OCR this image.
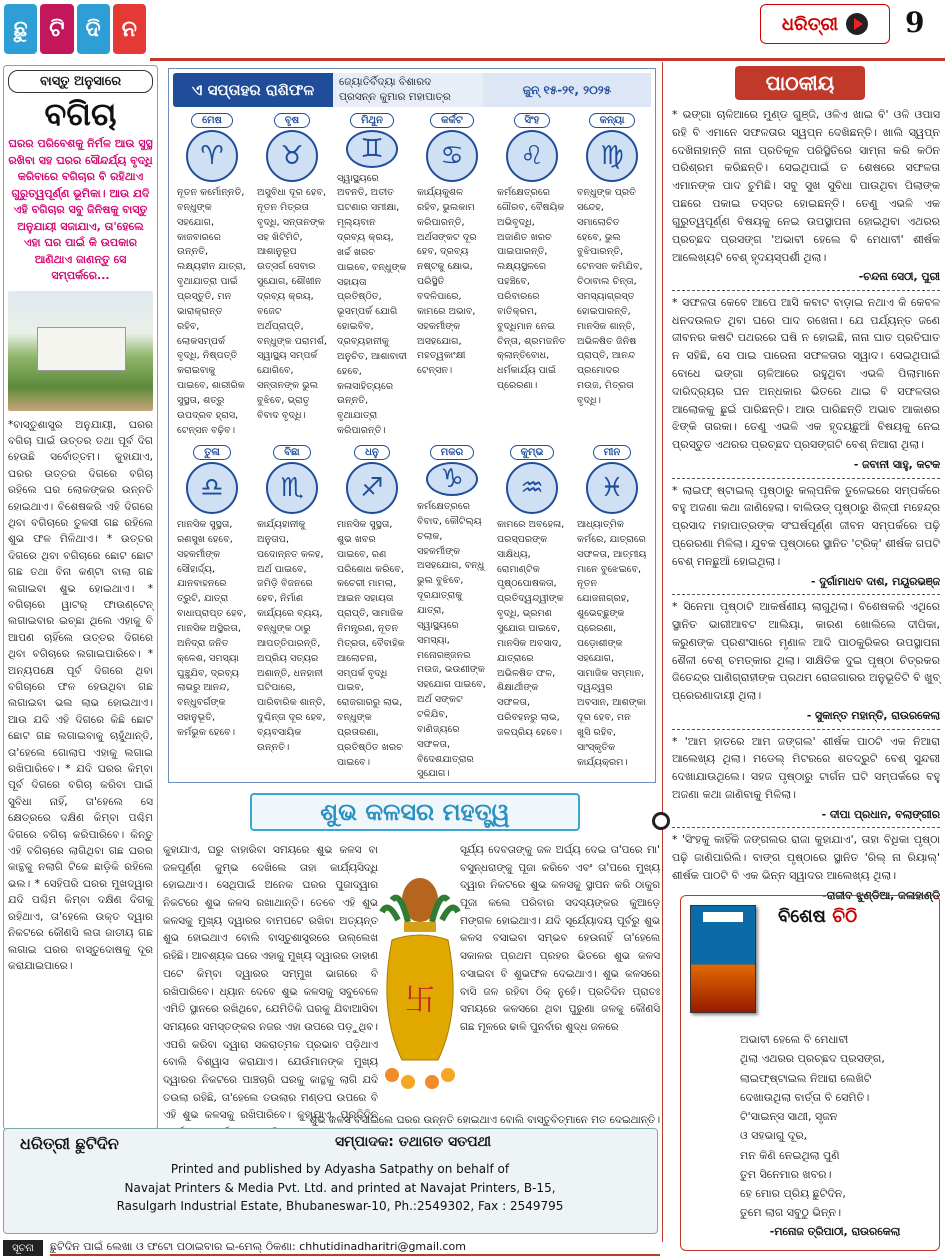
ଛୁ ଟି ଦି ନ	ଧରିତ୍ରୀ 9
ବାସ୍ତୁ ଅନୁସାରେ
ବଗିଚା
ଘରର ପରିବେଶକୁ ନିର୍ମଳ ଆଉ ସୁସ୍ଥ ରଖିବା ସହ ଘରର ସୌନ୍ଦର୍ଯ୍ୟ ବୃଦ୍ଧି କରିବାରେ ବଗିଚାର ବି ରହିଥାଏ ଗୁରୁତ୍ୱପୂର୍ଣ୍ଣ ଭୂମିକା। ଆଉ ଯଦି ଏହି ବଗିଚାର ସବୁ ଜିନିଷକୁ ବାସ୍ତୁ ଅନୁଯାୟୀ ସଜାଯାଏ, ତା'ହେଲେ ଏହା ଘର ପାଇଁ କି ଉପକାର ଆଣିଥାଏ ଜାଣନ୍ତୁ ସେ ସମ୍ପର୍କରେ...
*ବାସ୍ତୁଶାସ୍ତ୍ର ଅନୁଯାୟୀ, ଘରର ବଗିଚା ପାଇଁ ଉତ୍ତର ତଥା ପୂର୍ବ ଦିଗ ହେଉଛି ସର୍ବୋତ୍ତମ। କୁହାଯାଏ, ଘରର ଉତ୍ତର ଦିଗରେ ବଗିଚା ରହିଲେ ଘର ଲୋକଙ୍କର ଉନ୍ନତି ହୋଇଥାଏ। ବିଶେଷକରି ଏହି ଦିଗରେ ଥିବା ବଗିଚାରେ ତୁଳସୀ ଗଛ ରହିଲେ ଶୁଭ ଫଳ ମିଳିଥାଏ। * ଉତ୍ତର ଦିଗରେ ଥିବା ବଗିଚାରେ ଛୋଟ ଛୋଟ ଗଛ ତଥା ବିନା କଣ୍ଟା ବାଲା ଗଛ ଲଗାଇବା ଶୁଭ ହୋଇଥାଏ। * ବଗିଚାରେ ୱାଟର୍ ଫାଉଣ୍ଟେନ୍ ଲଗାଇବାର ଇଚ୍ଛା ଥିଲେ ଏହାକୁ ବି ଆପଣ ଚାହିଁଲେ ଉତ୍ତର ଦିଗରେ ଥିବା ବଗିଚାରେ ଲଗାଇପାରିବେ। * ଅନ୍ୟପକ୍ଷେ ପୂର୍ବ ଦିଗରେ ଥିବା ବଗିଚାରେ ଫଳ ହେଉଥିବା ଗଛ ଲଗାଇବା ଭଲ ଲାଭ ହୋଇଥାଏ। ଆଉ ଯଦି ଏହି ଦିଗରେ କିଛି ଛୋଟ ଛୋଟ ଗଛ ଲଗାଇବାକୁ ଚାହୁଁଥାନ୍ତି, ତା'ହେଲେ ଗୋଲାପ ଏହାକୁ ଲଗାଇ ରଖିପାରିବେ। * ଯଦି ଘରର କିମ୍ବା ପୂର୍ବ ଦିଗରେ ବଗିଚା କରିବା ପାଇଁ ସୁବିଧା ନାହିଁ, ତା'ହେଲେ ସେ କ୍ଷେତ୍ରରେ ଦକ୍ଷିଣ କିମ୍ବା ପଶ୍ଚିମ ଦିଗରେ ବଗିଚା କରିପାରିବେ। କିନ୍ତୁ ଏହି ବଗିଚାରେ ଲାଗିଥିବା ଗଛ ଘରର କାନ୍ଥକୁ ନଲାଗି ଟିକେ ଛାଡ଼ିକି ରହିଲେ ଭଲ। * ସେହିପରି ଘରର ମୁଖଦ୍ୱାର ଯଦି ପଶ୍ଚିମ କିମ୍ବା ଦକ୍ଷିଣ ଦିଗକୁ ରହିଥାଏ, ତା'ହେଲେ ଉକ୍ତ ଦ୍ୱାର ନିକଟରେ କୌଣସି ଲତା ଜାତୀୟ ଗଛ ଲଗାଇ ଘରର ବାସ୍ତୁଦୋଷକୁ ଦୂର କରାଯାଇପାରେ।
ଏ ସପ୍ତାହର ରାଶିଫଳ	ଜ୍ୟୋତିର୍ବିଦ୍ୟା ବିଶାରଦ
ପ୍ରସନ୍ନ କୁମାର ମହାପାତ୍ର
ଜୁନ୍ ୧୫-୨୧, ୨୦୨୫
ମେଷ
♈
ନୂତନ କର୍ମୋନ୍ନତି, ବନ୍ଧୁଙ୍କ ସହଯୋଗ, କାଜବାରରେ ଉନ୍ନତି, ଲକ୍ଷ୍ୟହୀନ ଯାତ୍ରା, ବୃଥାଯାତ୍ରା ପାଇଁ ପ୍ରସ୍ତୁତି, ମନ ଭାରାକ୍ରାନ୍ତ ରହିବ, ଲୋକସମ୍ପର୍କ ବୃଦ୍ଧି, ନିଷ୍ପତ୍ତି କରାଇବାକୁ ପାଇବେ, ଶାରୀରିକ ସୁସ୍ଥତା, ଶତ୍ରୁ ଉପଦ୍ରବ ହ୍ରାସ, ଟେନ୍ସନ ବଢ଼ିବ।
ବୃଷ
♉
ଅସୁବିଧା ଦୂର ହେବ, ନୂତନ ମିତ୍ରତା ବୃଦ୍ଧି, ସନ୍ତାନଙ୍କ ସହ ଖିଟିମିଟି, ଆଶାନୁରୂପ ଉତ୍ସର୍ଗ ସେବାର ସୁଯୋଗ, ଶୌଖୀନ ଦ୍ରବ୍ୟ କ୍ରୟ, ବଜେଟ ଅର୍ଥପ୍ରାପ୍ତି, ବନ୍ଧୁଙ୍କ ପରାମର୍ଶ, ସ୍ୱାସ୍ଥ୍ୟ ସମ୍ପର୍କ ଯୋଗିବେ, ସନ୍ତାନଙ୍କ ଭୁଲ ବୁଝିବେ, ଭ୍ରାତୃ ବିବାଦ ବୃଦ୍ଧି।
ମିଥୁନ
♊
ସ୍ୱାସ୍ଥ୍ୟରେ ଅବନତି, ଅତୀତ ଘଟଣାର ସମୀକ୍ଷା, ମୂଲ୍ୟବାନ ଦ୍ରବ୍ୟ କ୍ରୟ, ଖର୍ଚ୍ଚ ଖରଚ ପାଇବେ, ବନ୍ଧୁଙ୍କ ସହାୟତା ପ୍ରତିଷ୍ଠିତ, ଭୂସମ୍ପର୍କ ଯୋଗି ହୋଇବିବ, ଦ୍ରବ୍ୟହାନୀକୁ ଅନୁଚିତ, ଆଶାବାଦୀ ହେବେ, କଳାସାହିତ୍ୟରେ ଉନ୍ନତି, ବୃଥାଯାତ୍ରା କରିପାରନ୍ତି।
କର୍କଟ
♋
କାର୍ଯ୍ୟକୁଶଳ ରହିବ, ଭୁଲକାମ କରିପାରନ୍ତି, ଅର୍ଥସଙ୍କଟ ଦୂର ହେବ, ଦ୍ରବ୍ୟ ନଷ୍ଟକୁ କ୍ଷୋଭ, ପରିସ୍ଥିତି ବଦଳିପାରେ, କାମରେ ଅଭାବ, ସହକର୍ମୀଙ୍କ ଅସହଯୋଗ, ମହତ୍ୱକାଂକ୍ଷୀ ଟେନ୍ସନ।
ସିଂହ
♌
କର୍ମକ୍ଷେତ୍ରରେ ଗୌରବ, ବୈଷୟିକ ଅଭିବୃଦ୍ଧି, ଅଜାଣିତ ଖରଚ ପାଇପାରନ୍ତି, ଲକ୍ଷ୍ୟସ୍ଥଳରେ ପହଞ୍ଚିବେ, ପରିବାରରେ ବାତିକ୍ରମ, ବୁଦ୍ଧିମାନ ନେଇ ଚିନ୍ତା, ଶ୍ରମଜନିତ କ୍ଲାନ୍ତିବୋଧ, ଧର୍ମକାର୍ଯ୍ୟ ପାଇଁ ପ୍ରେରଣା।
କନ୍ୟା
♍
ବନ୍ଧୁଙ୍କ ପ୍ରତି ସନ୍ଦେହ, ସମାଲୋଚିତ ହେବେ, ଭୁଲ ବୁଝିପାରନ୍ତି, ଟେନସନ କମିଯିବ, ଚିଠାବାଲ ଚିନ୍ତା, ସମସ୍ୟାଗ୍ରସ୍ତ ହୋଇପାରନ୍ତି, ମାନସିକ ଶାନ୍ତି, ଅଭିଳଷିତ ଜିନିଷ ପ୍ରାପ୍ତି, ଆନନ୍ଦ ପ୍ରମୋଦର ମଉଜ, ମିତ୍ରତା ବୃଦ୍ଧି।
ତୁଳା
♎
ମାନସିକ ସୁସ୍ଥତା, ରଣସୁଖ ହେବେ, ସହକର୍ମୀଙ୍କ ସୌହାର୍ଦ୍ଦ୍ୟ, ଯାନବାହନରେ ତ୍ରୁଟି, ଯାତ୍ରା ବାଧାପ୍ରାପ୍ତ ହେବ, ମାନସିକ ଅସ୍ଥିରତା, ଅନିଦ୍ରା ଜନିତ କ୍ଳେଶ, ସମସ୍ୟା ଘୁଞ୍ଚୁଯିବ, ଦ୍ରବ୍ୟ ଲାଭରୁ ଆନନ୍ଦ, ବନ୍ଧୁବର୍ଗଙ୍କ ସହାନୁଭୂତି, କର୍ମଭୁକ ହେବେ।
ବିଛା
♏
କାର୍ଯ୍ୟହାନୀକୁ ଅନୁତାପ, ପଦୋନ୍ନତ କଳହ, ଅର୍ଥ ପାଇବେ, ଜମିଡ଼ି ବିଜନରେ ହେବ, ନିର୍ମାଣ କାର୍ଯ୍ୟରେ ବ୍ୟୟ, ବନ୍ଧୁଙ୍କ ଠାରୁ ଆପତ୍ତିପାରନ୍ତି, ଅପ୍ରିୟ ସତ୍ୟର ଅଶାନ୍ତି, ଧନହାନୀ ଘଟିପାରେ, ପାରିବାରିକ ଶାନ୍ତି, ଦୁଶ୍ଚିନ୍ତା ଦୂର ହେବ, ବ୍ୟବସାୟିକ ଉନ୍ନତି।
ଧନୁ
♐
ମାନସିକ ସୁସ୍ଥତା, ଶୁଭ ଖବର ପାଇବେ, ରଣ ପରିଶୋଧ କରିବେ, କଚେରୀ ମାମଲା, ଆଇନ ସହାୟତା ପ୍ରାପ୍ତି, ସାମାଜିକ ନିମନ୍ତ୍ରଣ, ନୂତନ ମିତ୍ରତା, ବୈବାହିକ ଆଲୋଚନା, ସମ୍ପର୍କ ବୃଦ୍ଧି ପାଇବ, ରୋଜଗାରରୁ ଲାଭ, ବନ୍ଧୁଙ୍କ ପ୍ରତାରଣା, ପ୍ରତିଷ୍ଠିତ ଖରଚ ପାଇବେ।
ମକର
♑
କର୍ମକ୍ଷେତ୍ରରେ ବିବାଦ, କୌଟିଲ୍ୟ ଚଲାକ, ସହକର୍ମୀଙ୍କ ଅସହଯୋଗ, ବନ୍ଧୁ ଭୁଲ ବୁଝିବେ, ଦୂରଯାତ୍ରାକୁ ଯାତ୍ରା, ସ୍ୱାସ୍ଥ୍ୟରେ ସମସ୍ୟା, ମନୋରଞ୍ଜନର ମଉଜ, ଭଉଣୀଙ୍କ ସହଯୋଗ ପାଇବେ, ଅର୍ଥ ସଙ୍କଟ ଟଳିଯିବ, ବାଣିଜ୍ୟରେ ସଫଳତା, ବିଦେଶଯାତ୍ରାର ସୁଯୋଗ।
କୁମ୍ଭ
♒
କାମରେ ଅବହେଳା, ପରସ୍ପରଙ୍କ ସାକ୍ଷିଧ୍ୟ, ରୋମାଣ୍ଟିକ ପୃଷ୍ଠପୋଷକତା, ପ୍ରତିଦ୍ୱନ୍ଦ୍ୱୀଙ୍କ ବୃଦ୍ଧି, ଭ୍ରମଣ ସୁଯୋଗ ପାଇବେ, ମାନସିକ ଅବସାଦ, ଯାତ୍ରାରେ ଅଭିଳଷିତ ଫଳ, ଶିକ୍ଷାର୍ଥୀଙ୍କ ସଫଳତା, ପରିବହନରୁ ଲାଭ, ଜଳପ୍ରିୟ ହେବେ।
ମୀନ
♓
ଆଧ୍ୟାତ୍ମିକ କର୍ମରେ, ଯାତ୍ରାରେ ସଫଳତା, ଆତ୍ମୀୟ ମାନେ ବୁଝେଇବେ, ନୂତନ ଯୋଜନାଗ୍ରହ, ଶୁଭେଚ୍ଛୁଙ୍କ ପ୍ରେରଣା, ପଡ଼ୋଶୀଙ୍କ ସହଯୋଗ, ସାମାଜିକ ସମ୍ମାନ, ଦ୍ୱନ୍ଦ୍ୱର ଅବସାନ, ଆଶଙ୍କା ଦୂର ହେବ, ମନ ଖୁସି ରହିବ, ସାଂସ୍କୃତିକ କାର୍ଯ୍ୟକ୍ରମ।
ଶୁଭ କଳସର ମହତ୍ତ୍ୱ
କୁହାଯାଏ, ଘରୁ ବାହାରିବା ସମୟରେ ଶୁଭ କଳସ ବା ଜଳପୂର୍ଣ୍ଣ କୁମ୍ଭ ଦେଖିଲେ ତାହା କାର୍ଯ୍ୟସିଦ୍ଧି ହୋଇଥାଏ। ସେଥିପାଇଁ ଅନେକ ଘରର ପୁଜାଦ୍ୱାର ନିକଟରେ ଶୁଭ କଳସ ରଖାଥାନ୍ତି। ତେବେ ଏହି ଶୁଭ କଳସକୁ ମୁଖ୍ୟ ଦ୍ୱାରର ବାମପଟେ ରଖିବା ଅତ୍ୟନ୍ତ ଶୁଭ ହୋଇଥାଏ ବୋଲି ବାସ୍ତୁଶାସ୍ତ୍ରରେ ଉଲ୍ଲେଖ ରହିଛି। ଆବଶ୍ୟକ ଘରେ ଏହାକୁ ମୁଖ୍ୟ ଦ୍ୱାରର ଡାହାଣ ପଟେ କିମ୍ବା ଦ୍ୱାରର ସମ୍ମୁଖ ଭାଗରେ ବି ରଖିପାରିବେ। ଧ୍ୟାନ ଦେବେ ଶୁଭ କଳସକୁ ସବୁବେଳେ ଏମିତି ସ୍ଥାନରେ ରଖିଥିବେ, ଯେମିତିକି ଘରକୁ ଯିବାଆସିବା ସମୟରେ ସମସ୍ତଙ୍କର ନଜର ଏହା ଉପରେ ପଡ଼ୁଥିବ। ଏପରି କରିବା ଦ୍ୱାରା ସକରାତ୍ମକ ପ୍ରଭାବ ପଡ଼ିଥାଏ ବୋଲି ବିଶ୍ୱାସ କରାଯାଏ। ଯେଉଁମାନଙ୍କ ମୁଖ୍ୟ ଦ୍ୱାରର ନିକଟରେ ପାଞ୍ଚଚାରି ଘରକୁ କାନ୍ଥକୁ ଲାଗି ଯଦି ତଉଲା ରହିଛି, ତା'ହେଲେ ତଉଲାର ମଣ୍ଡପ ଉପରେ ବି ଏହି ଶୁଭ କଳସକୁ ରଖିପାରିବେ। କୁହାଯାଏ, ପ୍ରତିଦିନ
卐
ସୂର୍ଯ୍ୟ ଦେବତାଙ୍କୁ ଜଳ ଅର୍ଘ୍ୟ ଦେଇ ତା'ପରେ ମା' ବସୁନ୍ଧରାଙ୍କୁ ପୂଜା କରିବେ ଏବଂ ତା'ପରେ ମୁଖ୍ୟ ଦ୍ୱାର ନିକଟରେ ଶୁଭ କଳସକୁ ସ୍ଥାପନ କରି ଠାକୁର ପୂଜା କଲେ ପରିବାର ସଦସ୍ୟଙ୍କର କୁଆଡ଼େ ମଙ୍ଗଳ ହୋଇଥାଏ। ଯଦି ସୂର୍ଯ୍ୟୋଦୟ ପୂର୍ବରୁ ଶୁଭ କଳସ ବସାଇବା ସମ୍ଭବ ହେଉନାହିଁ ତା'ହେଲେ ସକାଳର ପ୍ରଥମ ପ୍ରହର ଭିତରେ ଶୁଭ କଳସ ବସାଇବା ବି ଶୁଭଫଳ ଦେଇଥାଏ। ଶୁଭ କଳସରେ ବାସି ଜଳ ରହିବା ଠିକ୍ ନୁହେଁ। ପ୍ରତିଦିନ ପ୍ରାତଃ ସମୟରେ କଳସରେ ଥିବା ପୁରୁଣା ଜଳକୁ କୌଣସି ଗଛ ମୂଳରେ ଢାଳି ପୁନର୍ବାର ଶୁଦ୍ଧ ଜଳରେ
ଶୁଭ କଳସ ବସାଇଲେ ଘରର ଉନ୍ନତି ହୋଇଥାଏ ବୋଲି ବାସ୍ତୁବିତ୍‌ମାନେ ମତ ଦେଇଥାନ୍ତି।
ପାଠକୀୟ

* ଭଙ୍ଗା ଚାଳିଆରେ ମୁଣ୍ଡ ଗୁଞ୍ଜି, ଓଳିଏ ଖାଇ ବି' ଓଳି ଓପାସ ରହି ବି ଏମାନେ ସଫଳତାର ସ୍ୱପ୍ନ ଦେଖିଛନ୍ତି। ଖାଲି ସ୍ୱପ୍ନ ଦେଖିନାହାନ୍ତି ନାନା ପ୍ରତିକୂଳ ପରିସ୍ଥିତିରେ ସାମ୍ନା କରି କଠିନ ପରିଶ୍ରମ କରିଛନ୍ତି। ସେଇଥିପାଇଁ ତ ଶେଷରେ ସଫଳତା ଏମାନଙ୍କ ପାଦ ଚୁମିଛି। ସବୁ ସୁଖ ସୁବିଧା ପାଉଥିବା ପିଲାଙ୍କ ପଛରେ ପକାଇ ତସ୍ତର ହୋଇଛନ୍ତି। ତେଣୁ ଏଭଳି ଏକ ଗୁରୁତ୍ୱପୂର୍ଣ୍ଣ ବିଷୟକୁ ନେଇ ଉପସ୍ଥାପନା ହୋଇଥିବା ଏଥରର ପ୍ରଚ୍ଛଦ ପ୍ରସଙ୍ଗ 'ଅଭାବୀ ହେଲେ ବି ମେଧାବୀ' ଶୀର୍ଷକ ଆଲେଖ୍ୟଟି ବେଶ୍ ହୃଦୟସ୍ପର୍ଶୀ ଥିଲା।

-ଚନ୍ଦନା ସେଠୀ, ପୁରୀ

* ସଫଳତା କେବେ ଆପେ ଆସି କବାଟ ବାଡ଼ାଇ ନଥାଏ କି କେବଳ ଧନଦଉଲତ ଥିବା ଘରେ ପାଦ ରଖେନା। ଯେ ପର୍ଯ୍ୟନ୍ତ ଜଣେ ଜୀବନର କଷଟି ପଥରରେ ଘଷି ନ ହୋଇଛି, ନାନା ଘାତ ପ୍ରତିଘାତ ନ ସହିଛି, ସେ ପାଇ ପାରେନା ସଫଳତାର ସ୍ୱାଦ। ସେଇଥିପାଇଁ ବୋଧେ ଭଙ୍ଗା ଚାଳିଆରେ ରହୁଥିବା ଏଭଳି ପିଲାମାନେ ଦାରିଦ୍ର୍ୟର ଘନ ଅନ୍ଧକାର ଭିତରେ ଥାଇ ବି ସଫଳତାର ଆଲୋକକୁ ଛୁଇଁ ପାରିଛନ୍ତି। ଆଉ ପାରିଛନ୍ତି ଅଭାବ ଆକାଶର ଝିଙ୍କି ତାରକା। ତେଣୁ ଏଭଳି ଏକ ହୃଦୟଛୁଆଁ ବିଷୟକୁ ନେଇ ପ୍ରସ୍ତୁତ ଏଥରର ପ୍ରଚ୍ଛଦ ପ୍ରସଙ୍ଗଟି ବେଶ୍ ନିଆରା ଥିଲା।

- ଜବାନୀ ସାହୁ, କଟକ

* ଲାଇଫ୍ ଷ୍ଟାଇଲ୍ ପୃଷ୍ଠାରୁ କଲ୍ପନିକ ତୁଳେଇରେ ସମ୍ପର୍କରେ ବହୁ ଅଜଣା କଥା ଜାଣିହେଲା। ବାଲିଉଡ୍ ପୃଷ୍ଠାରୁ ଶିଳ୍ପୀ ମହେନ୍ଦ୍ର ପ୍ରସାଦ ମହାପାତ୍ରଙ୍କ ସଂଘର୍ଷପୂର୍ଣ୍ଣ ଜୀବନ ସମ୍ପର୍କରେ ପଢ଼ି ପ୍ରେରଣା ମିଳିଲା। ଯୁବକ ପୃଷ୍ଠାରେ ସ୍ଥାନିତ 'ଟ୍ରିକ୍' ଶୀର୍ଷକ ଗପଟି ବେଶ୍ ମନଛୁଆଁ ହୋଇଥିଲା।

- ଦୁର୍ଗାମାଧବ ଦାଶ, ମୟୂରଭଞ୍ଜ

* ସିନେମା ପୃଷ୍ଠାଟି ଆକର୍ଷଣୀୟ ଲାଗୁଥିଲା। ବିଶେଷକରି ଏଥିରେ ସ୍ଥାନିତ ଭାରୀଆବଟ ଆଲିୟା, କାରଣ ଖୋଲିଲେ ଦୀପିକା, କରୁଣଙ୍କ ପ୍ରଶଂସାରେ ମୃଣାଳ ଆଦି ପାଠକୁରିକର ଉପସ୍ଥାପନା ଶୈଳୀ ବେଶ୍ ଚମତ୍କାର ଥିଲା। ସାକ୍ଷିତିକ ଦୁଇ ପୃଷ୍ଠା ଚିତ୍ରକର ଜିତେନ୍ଦ୍ର ପାଣିଗ୍ରାହୀଙ୍କ ପ୍ରଥମ ରୋଜଗାରର ଅନୁଭୂତିଟି ବି ଖୁବ୍ ପ୍ରେରଣାଦାୟୀ ଥିଲା।

- ସୁକାନ୍ତ ମହାନ୍ତି, ରାଉରକେଲା

* 'ଆମ ହାତରେ ଆମ ଜଙ୍ଗଲ' ଶୀର୍ଷକ ପାଠଟି ଏକ ନିଆରା ଆଲେଖ୍ୟ ଥିଲା। ମଡେଲ୍ ମିଟରରେ ଶତଦ୍ରୁଟି ବେଶ୍ ସୁନ୍ଦରୀ ଦେଖାଯାଉଥିଲେ। ସହଜ ପୃଷ୍ଠାରୁ ଟାର୍ଗନ ଘଟି ସମ୍ପର୍କରେ ବହୁ ଅଜଣା କଥା ଜାଣିବାକୁ ମିଳିଲା।

- ଦୀପା ପ୍ରଧାନ, ବଲାଙ୍ଗୀର

* 'ସିଂହକୁ କାହିଁକି ଜଙ୍ଗଲର ରାଜା କୁହାଯାଏ', ତାହା ବିଧିକା ପୃଷ୍ଠା ପଢ଼ି ଜାଣିପାରିଲି। ବାଙ୍ଗ ପୃଷ୍ଠାରେ ସ୍ଥାନିତ 'ରିଲ୍ ନା ରିୟାଲ୍' ଶୀର୍ଷକ ପାଠଟି ବି ଏକ ଭିନ୍ନ ସ୍ୱାଦର ଆଲେଖ୍ୟ ଥିଲା।

-ରାଜୀବ ଝୁଣ୍ଡିଆ, କଳାହାଣ୍ଡି
ବିଶେଷ ଚିଠି
ଅଭାବୀ ହେଲେ ବି ମେଧାବୀ
ଥିଲା ଏଥରର ପ୍ରଚ୍ଛଦ ପ୍ରସଙ୍ଗ,
ଲାଇଫ୍‌ଷ୍ଟାଇଲ ନିଆରା ଲେଖିଟି
ଦେଖାଉଥିଲା ବାର୍ତ୍ତା ବି ସେମିତି।
ଟି'ସାଇନ୍ସ ସାଥୀ, ସୃଜନ
ଓ ସହଭାଗୁ ଦୂର,
ମନ କିଣି ନେଇଥିଲା ପୁଣି
ତୁମ ସିନେମାର ଖବର।
ହେ ମୋର ପ୍ରିୟ ଛୁଟିଦିନ,
ତୁମେ ଲାଗ ସବୁଠୁ ଭିନ୍ନ।
-ମନୋଜ ତ୍ରିପାଠୀ, ରାଉରକେଲା
ଧରିତ୍ରୀ ଛୁଟିଦିନ	ସମ୍ପାଦକ: ତଥାଗତ ସତପଥୀ
Printed and published by Adyasha Satpathy on behalf of
Navajat Printers & Media Pvt. Ltd. and printed at Navajat Printers, B-15,
Rasulgarh Industrial Estate, Bhubaneswar-10, Ph.:2549302, Fax : 2549795
ସୂଚନା	ଛୁଟିଦିନ ପାଇଁ ଲେଖା ଓ ଫଟୋ ପଠାଇବାର ଇ-ମେଲ୍ ଠିକଣା: chhutidinadharitri@gmail.com
